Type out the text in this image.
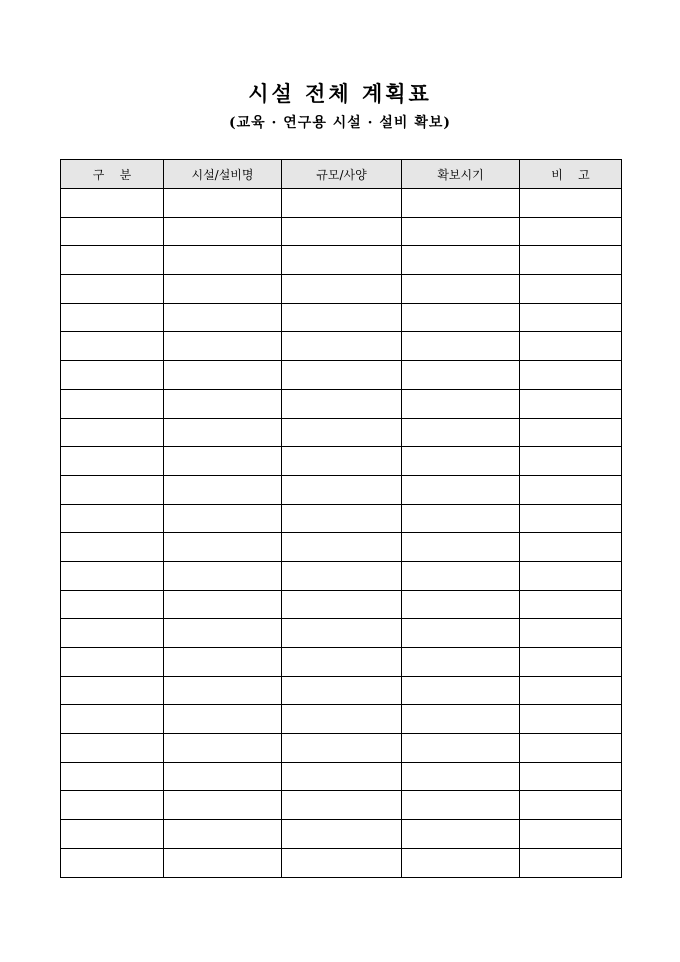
시설 전체 계획표
(교육 · 연구용 시설 · 설비 확보)
구    분	시설/설비명	규모/사양	확보시기	비    고
